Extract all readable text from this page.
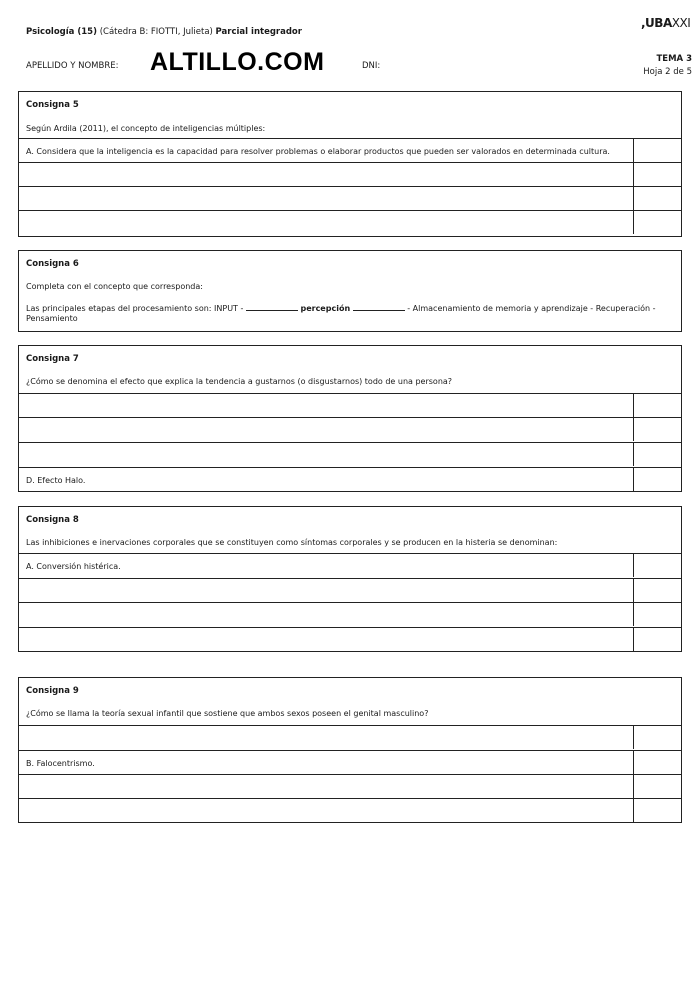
Psicología (15) (Cátedra B: FIOTTI, Julieta) Parcial integrador
,UBAXXI
APELLIDO Y NOMBRE: ALTILLO.COM	DNI:
TEMA 3
Hoja 2 de 5
Consigna 5
Según Ardila (2011), el concepto de inteligencias múltiples:
A. Considera que la inteligencia es la capacidad para resolver problemas o elaborar productos que pueden ser valorados en determinada cultura.
Consigna 6
Completa con el concepto que corresponda:
Las principales etapas del procesamiento son: INPUT -	percepción	- Almacenamiento de memoria y aprendizaje - Recuperación - Pensamiento
Consigna 7
¿Cómo se denomina el efecto que explica la tendencia a gustarnos (o disgustarnos) todo de una persona?
D. Efecto Halo.
Consigna 8
Las inhibiciones e inervaciones corporales que se constituyen como síntomas corporales y se producen en la histeria se denominan:
A. Conversión histérica.
Consigna 9
¿Cómo se llama la teoría sexual infantil que sostiene que ambos sexos poseen el genital masculino?
B. Falocentrismo.
